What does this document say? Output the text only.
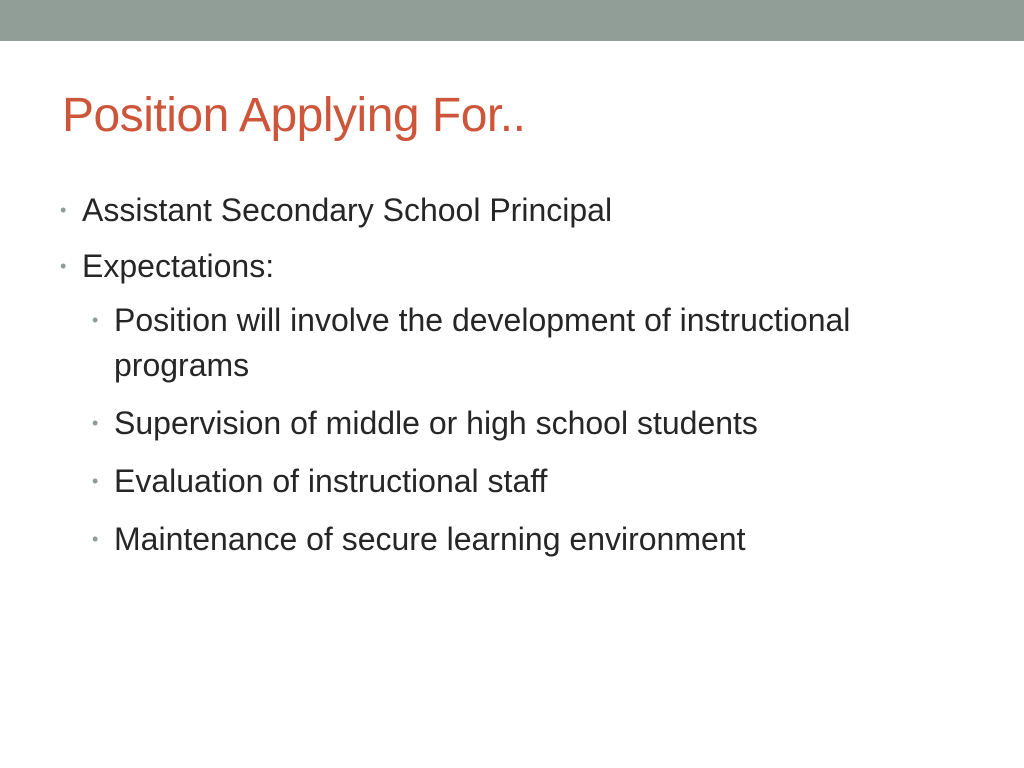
Position Applying For..
• Assistant Secondary School Principal
• Expectations:
• Position will involve the development of instructional programs
• Supervision of middle or high school students
• Evaluation of instructional staff
• Maintenance of secure learning environment
